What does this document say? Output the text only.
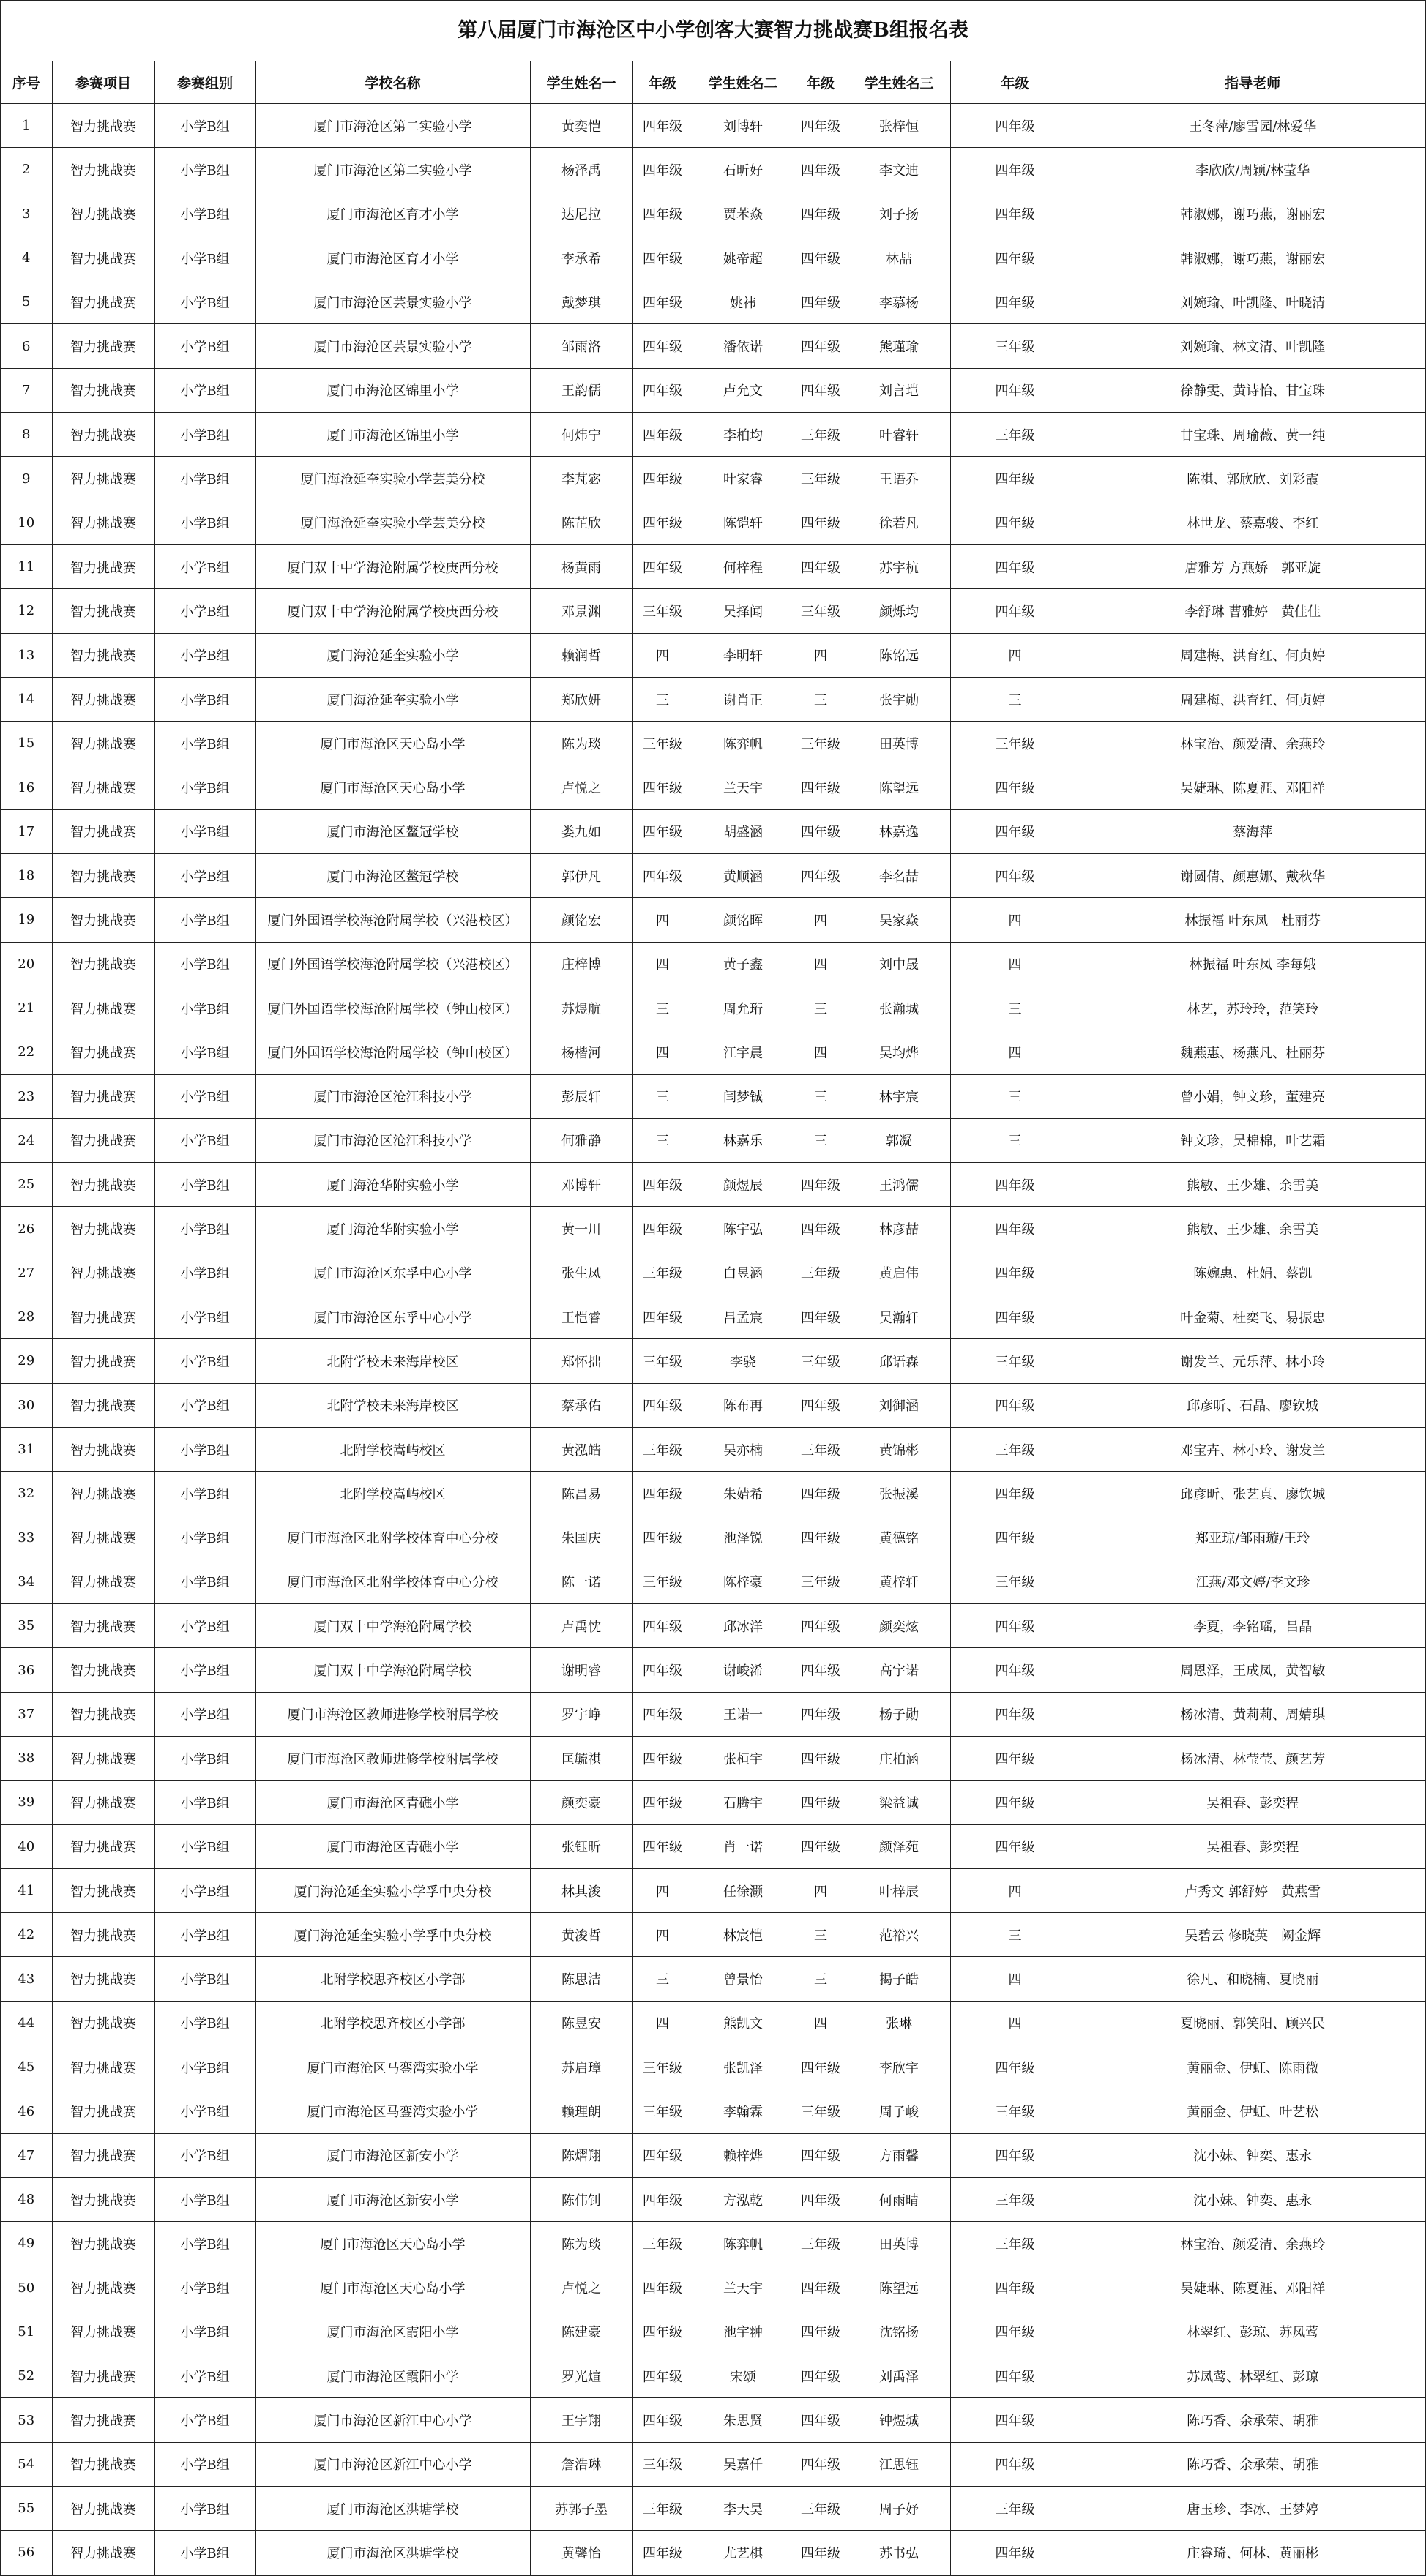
第八届厦门市海沧区中小学创客大赛智力挑战赛B组报名表
序号	参赛项目	参赛组别	学校名称	学生姓名一	年级	学生姓名二	年级	学生姓名三	年级	指导老师
1	智力挑战赛	小学B组	厦门市海沧区第二实验小学	黄奕恺	四年级	刘博轩	四年级	张梓恒	四年级	王冬萍/廖雪园/林爱华
2	智力挑战赛	小学B组	厦门市海沧区第二实验小学	杨泽禹	四年级	石昕好	四年级	李文迪	四年级	李欣欣/周颖/林莹华
3	智力挑战赛	小学B组	厦门市海沧区育才小学	达尼拉	四年级	贾苯焱	四年级	刘子扬	四年级	韩淑娜，谢巧燕，谢丽宏
4	智力挑战赛	小学B组	厦门市海沧区育才小学	李承希	四年级	姚帝超	四年级	林喆	四年级	韩淑娜，谢巧燕，谢丽宏
5	智力挑战赛	小学B组	厦门市海沧区芸景实验小学	戴梦琪	四年级	姚祎	四年级	李慕杨	四年级	刘婉瑜、叶凯隆、叶晓清
6	智力挑战赛	小学B组	厦门市海沧区芸景实验小学	邹雨洛	四年级	潘依诺	四年级	熊瑾瑜	三年级	刘婉瑜、林文清、叶凯隆
7	智力挑战赛	小学B组	厦门市海沧区锦里小学	王韵儒	四年级	卢允文	四年级	刘言垲	四年级	徐静雯、黄诗怡、甘宝珠
8	智力挑战赛	小学B组	厦门市海沧区锦里小学	何炜宁	四年级	李柏均	三年级	叶睿轩	三年级	甘宝珠、周瑜薇、黄一纯
9	智力挑战赛	小学B组	厦门海沧延奎实验小学芸美分校	李芃宓	四年级	叶家睿	三年级	王语乔	四年级	陈祺、郭欣欣、刘彩霞
10	智力挑战赛	小学B组	厦门海沧延奎实验小学芸美分校	陈芷欣	四年级	陈铠轩	四年级	徐若凡	四年级	林世龙、蔡嘉骏、李红
11	智力挑战赛	小学B组	厦门双十中学海沧附属学校庚西分校	杨黄雨	四年级	何梓程	四年级	苏宇杭	四年级	唐雅芳 方燕娇　郭亚旋
12	智力挑战赛	小学B组	厦门双十中学海沧附属学校庚西分校	邓景渊	三年级	吴择闻	三年级	颜烁均	四年级	李舒琳 曹雅婷　黄佳佳
13	智力挑战赛	小学B组	厦门海沧延奎实验小学	赖润哲	四	李明轩	四	陈铭远	四	周建梅、洪育红、何贞婷
14	智力挑战赛	小学B组	厦门海沧延奎实验小学	郑欣妍	三	谢肖正	三	张宇勋	三	周建梅、洪育红、何贞婷
15	智力挑战赛	小学B组	厦门市海沧区天心岛小学	陈为琰	三年级	陈弈帆	三年级	田英博	三年级	林宝治、颜爱清、余燕玲
16	智力挑战赛	小学B组	厦门市海沧区天心岛小学	卢悦之	四年级	兰天宇	四年级	陈望远	四年级	吴婕琳、陈夏涯、邓阳祥
17	智力挑战赛	小学B组	厦门市海沧区鳌冠学校	娄九如	四年级	胡盛涵	四年级	林嘉逸	四年级	蔡海萍
18	智力挑战赛	小学B组	厦门市海沧区鳌冠学校	郭伊凡	四年级	黄顺涵	四年级	李名喆	四年级	谢圆倩、颜惠娜、戴秋华
19	智力挑战赛	小学B组	厦门外国语学校海沧附属学校（兴港校区）	颜铭宏	四	颜铭晖	四	吴家焱	四	林振福 叶东凤　杜丽芬
20	智力挑战赛	小学B组	厦门外国语学校海沧附属学校（兴港校区）	庄梓博	四	黄子鑫	四	刘中晟	四	林振福 叶东凤 李每娥
21	智力挑战赛	小学B组	厦门外国语学校海沧附属学校（钟山校区）	苏煜航	三	周允珩	三	张瀚城	三	林艺，苏玲玲，范笑玲
22	智力挑战赛	小学B组	厦门外国语学校海沧附属学校（钟山校区）	杨楷河	四	江宇晨	四	吴均烨	四	魏燕惠、杨燕凡、杜丽芬
23	智力挑战赛	小学B组	厦门市海沧区沧江科技小学	彭辰轩	三	闫梦铖	三	林宇宸	三	曾小娟，钟文珍，董建亮
24	智力挑战赛	小学B组	厦门市海沧区沧江科技小学	何雅静	三	林嘉乐	三	郭凝	三	钟文珍，吴棉棉，叶艺霜
25	智力挑战赛	小学B组	厦门海沧华附实验小学	邓博轩	四年级	颜煜辰	四年级	王鸿儒	四年级	熊敏、王少雄、余雪美
26	智力挑战赛	小学B组	厦门海沧华附实验小学	黄一川	四年级	陈宇弘	四年级	林彦喆	四年级	熊敏、王少雄、余雪美
27	智力挑战赛	小学B组	厦门市海沧区东孚中心小学	张生凤	三年级	白昱涵	三年级	黄启伟	四年级	陈婉惠、杜娟、蔡凯
28	智力挑战赛	小学B组	厦门市海沧区东孚中心小学	王恺睿	四年级	吕孟宸	四年级	吴瀚轩	四年级	叶金菊、杜奕飞、易振忠
29	智力挑战赛	小学B组	北附学校未来海岸校区	郑怀拙	三年级	李骁	三年级	邱语森	三年级	谢发兰、元乐萍、林小玲
30	智力挑战赛	小学B组	北附学校未来海岸校区	蔡承佑	四年级	陈布再	四年级	刘御涵	四年级	邱彦昕、石晶、廖钦城
31	智力挑战赛	小学B组	北附学校嵩屿校区	黄泓皓	三年级	吴亦楠	三年级	黄锦彬	三年级	邓宝卉、林小玲、谢发兰
32	智力挑战赛	小学B组	北附学校嵩屿校区	陈昌易	四年级	朱婧希	四年级	张振溪	四年级	邱彦昕、张艺真、廖钦城
33	智力挑战赛	小学B组	厦门市海沧区北附学校体育中心分校	朱国庆	四年级	池泽锐	四年级	黄德铭	四年级	郑亚琼/邹雨璇/王玲
34	智力挑战赛	小学B组	厦门市海沧区北附学校体育中心分校	陈一诺	三年级	陈梓豪	三年级	黄梓轩	三年级	江燕/邓文婷/李文珍
35	智力挑战赛	小学B组	厦门双十中学海沧附属学校	卢禹忱	四年级	邱冰洋	四年级	颜奕炫	四年级	李夏，李铭瑶，吕晶
36	智力挑战赛	小学B组	厦门双十中学海沧附属学校	谢明睿	四年级	谢峻浠	四年级	高宇诺	四年级	周恩泽，王成凤，黄智敏
37	智力挑战赛	小学B组	厦门市海沧区教师进修学校附属学校	罗宇峥	四年级	王诺一	四年级	杨子勋	四年级	杨冰清、黄莉莉、周婧琪
38	智力挑战赛	小学B组	厦门市海沧区教师进修学校附属学校	匡毓祺	四年级	张桓宇	四年级	庄柏涵	四年级	杨冰清、林莹莹、颜艺芳
39	智力挑战赛	小学B组	厦门市海沧区青礁小学	颜奕豪	四年级	石腾宇	四年级	梁益诚	四年级	吴祖春、彭奕程
40	智力挑战赛	小学B组	厦门市海沧区青礁小学	张钰昕	四年级	肖一诺	四年级	颜泽苑	四年级	吴祖春、彭奕程
41	智力挑战赛	小学B组	厦门海沧延奎实验小学孚中央分校	林其浚	四	任徐灏	四	叶梓辰	四	卢秀文 郭舒婷　黄燕雪
42	智力挑战赛	小学B组	厦门海沧延奎实验小学孚中央分校	黄浚哲	四	林宸恺	三	范裕兴	三	吴碧云 修晓英　阙金辉
43	智力挑战赛	小学B组	北附学校思齐校区小学部	陈思洁	三	曾景怡	三	揭子皓	四	徐凡、和晓楠、夏晓丽
44	智力挑战赛	小学B组	北附学校思齐校区小学部	陈昱安	四	熊凯文	四	张琳	四	夏晓丽、郭笑阳、顾兴民
45	智力挑战赛	小学B组	厦门市海沧区马銮湾实验小学	苏启璋	三年级	张凯泽	四年级	李欣宇	四年级	黄丽金、伊虹、陈雨微
46	智力挑战赛	小学B组	厦门市海沧区马銮湾实验小学	赖理朗	三年级	李翰霖	三年级	周子峻	三年级	黄丽金、伊虹、叶艺松
47	智力挑战赛	小学B组	厦门市海沧区新安小学	陈熠翔	四年级	赖梓烨	四年级	方雨馨	四年级	沈小妹、钟奕、惠永
48	智力挑战赛	小学B组	厦门市海沧区新安小学	陈伟钊	四年级	方泓乾	四年级	何雨晴	三年级	沈小妹、钟奕、惠永
49	智力挑战赛	小学B组	厦门市海沧区天心岛小学	陈为琰	三年级	陈弈帆	三年级	田英博	三年级	林宝治、颜爱清、余燕玲
50	智力挑战赛	小学B组	厦门市海沧区天心岛小学	卢悦之	四年级	兰天宇	四年级	陈望远	四年级	吴婕琳、陈夏涯、邓阳祥
51	智力挑战赛	小学B组	厦门市海沧区霞阳小学	陈建豪	四年级	池宇翀	四年级	沈铭扬	四年级	林翠红、彭琼、苏凤莺
52	智力挑战赛	小学B组	厦门市海沧区霞阳小学	罗光煊	四年级	宋颂	四年级	刘禹泽	四年级	苏凤莺、林翠红、彭琼
53	智力挑战赛	小学B组	厦门市海沧区新江中心小学	王宇翔	四年级	朱思贤	四年级	钟煜城	四年级	陈巧香、余承荣、胡雅
54	智力挑战赛	小学B组	厦门市海沧区新江中心小学	詹浩琳	三年级	吴嘉仟	四年级	江思钰	四年级	陈巧香、余承荣、胡雅
55	智力挑战赛	小学B组	厦门市海沧区洪塘学校	苏郭子墨	三年级	李天昊	三年级	周子妤	三年级	唐玉珍、李冰、王梦婷
56	智力挑战赛	小学B组	厦门市海沧区洪塘学校	黄馨怡	四年级	尤艺棋	四年级	苏书弘	四年级	庄睿琦、何林、黄丽彬
